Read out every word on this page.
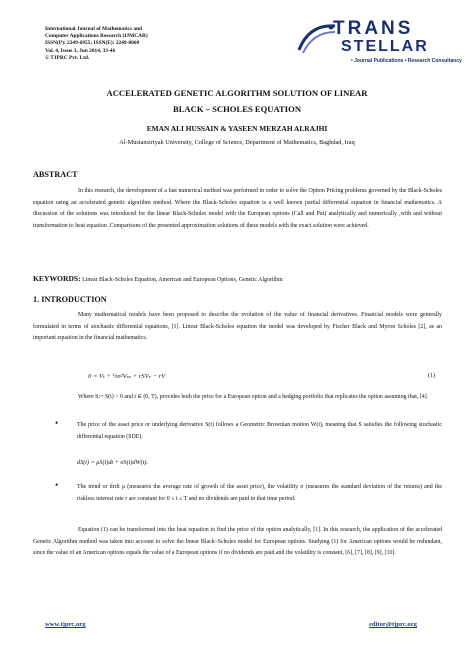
International Journal of Mathematics and
Computer Applications Research (IJMCAR)
ISSN(P): 2249-6955; ISSN(E): 2249-8060
Vol. 4, Issue 3, Jun 2014, 33-46
© TJPRC Pvt. Ltd.
TRANS
STELLAR
• Journal Publications • Research Consultancy
ACCELERATED GENETIC ALGORITHM SOLUTION OF LINEAR
BLACK – SCHOLES EQUATION
EMAN ALI HUSSAIN & YASEEN MERZAH ALRAJHI
Al-Mustansiriyah University, College of Science, Department of Mathematics, Baghdad, Iraq
ABSTRACT
In this research, the development of a fast numerical method was performed in order to solve the Option Pricing problems governed by the Black-Scholes equation using an accelerated genetic algorithm method. Where the Black-Scholes equation is a well known partial differential equation in financial mathematics. A discussion of the solutions was introduced for the linear Black-Scholes model with the European options (Call and Put) analytically and numerically ,with and without transformation to heat equation .Comparisons of the presented approximation solutions of these models with the exact solution were achieved.
KEYWORDS: Linear Black-Scholes Equation, American and European Options, Genetic Algorithm
1. INTRODUCTION
Many mathematical models have been proposed to describe the evolution of the value of financial derivatives. Financial models were generally formulated in terms of stochastic differential equations, [1]. Linear Black-Scholes equation the model was developed by Fischer Black and Myron Scholes [2], as an important equation in the financial mathematics.
0 = Vₜ + ½σ²Vₛₛ + rSVₛ − rV	(1)
Where S:= S(t) > 0 and t ∈ (0, T), provides both the price for a European option and a hedging portfolio that replicates the option assuming that, [4].
•	The price of the asset price or underlying derivative S(t) follows a Geometric Brownian motion W(t), meaning that S satisfies the following stochastic differential equation (SDE).
dS(t) = μS(t)dt + σS(t)dW(t).
•	The trend or drift μ (measures the average rate of growth of the asset price), the volatility σ (measures the standard deviation of the returns) and the riskless interest rate r are constant for 0 ≤ t ≤ T and no dividends are paid in that time period.
Equation (1) can be transformed into the heat equation to find the price of the option analytically, [1]. In this research, the application of the accelerated Genetic Algorithm method was taken into account to solve the linear Black–Scholes model for European options. Studying (1) for American options would be redundant, since the value of an American options equals the value of a European options if no dividends are paid and the volatility is constant, [6], [7], [8], [9], [10].
www.tjprc.org	editor@tjprc.org
